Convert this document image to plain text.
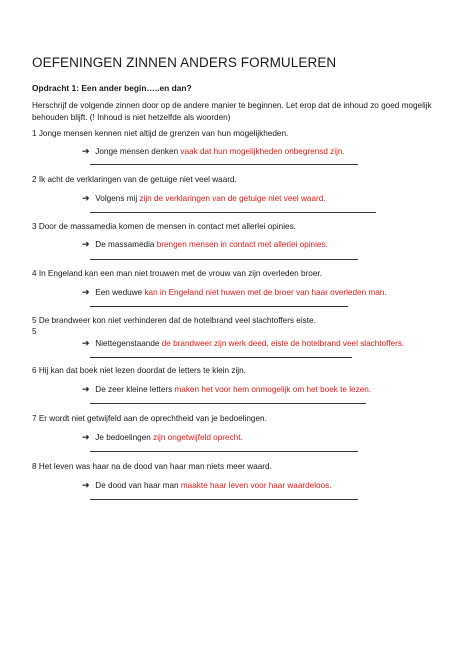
OEFENINGEN ZINNEN ANDERS FORMULEREN
Opdracht 1: Een ander begin…..en dan?
Herschrijf de volgende zinnen door op de andere manier te beginnen. Let erop dat de inhoud zo goed mogelijk behouden blijft. (! Inhoud is niet hetzelfde als woorden)
1 Jonge mensen kennen niet altijd de grenzen van hun mogelijkheden.
➔ Jonge mensen denken vaak dat hun mogelijkheden onbegrensd zijn.
2 Ik acht de verklaringen van de getuige niet veel waard.
➔ Volgens mij zijn de verklaringen van de getuige niet veel waard.
3 Door de massamedia komen de mensen in contact met allerlei opinies.
➔ De massamedia brengen mensen in contact met allerlei opinies.
4 In Engeland kan een man niet trouwen met de vrouw van zijn overleden broer.
➔ Een weduwe kan in Engeland niet huwen met de broer van haar overleden man.
5 De brandweer kon niet verhinderen dat de hotelbrand veel slachtoffers eiste.
5
➔ Niettegenstaande de brandweer zijn werk deed, eiste de hotelbrand veel slachtoffers.
6 Hij kan dat boek niet lezen doordat de letters te klein zijn.
➔ De zeer kleine letters maken het voor hem onmogelijk om het boek te lezen.
7 Er wordt niet getwijfeld aan de oprechtheid van je bedoelingen.
➔ Je bedoelingen zijn ongetwijfeld oprecht.
8 Het leven was haar na de dood van haar man niets meer waard.
➔ De dood van haar man maakte haar leven voor haar waardeloos.
